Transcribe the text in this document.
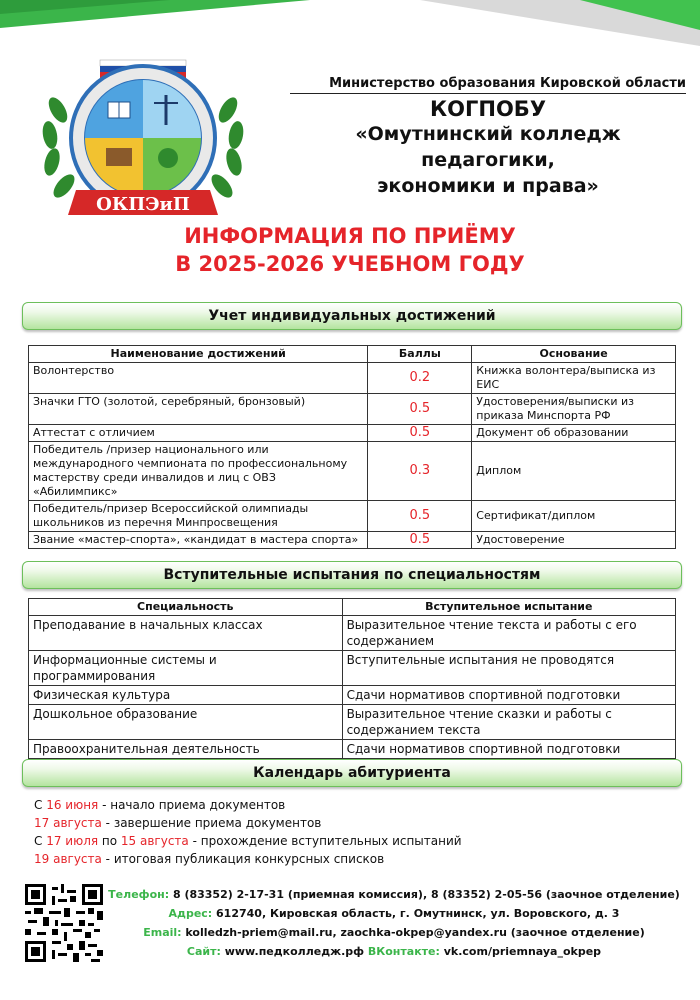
ОКПЭиП
Министерство образования Кировской области
КОГПОБУ
«Омутнинский колледж педагогики,
экономики и права»
ИНФОРМАЦИЯ ПО ПРИЁМУ
В 2025-2026 УЧЕБНОМ ГОДУ
Учет индивидуальных достижений
Наименование достижений	Баллы	Основание
Волонтерство	0.2	Книжка волонтера/выписка из ЕИС
Значки ГТО (золотой, серебряный, бронзовый)	0.5	Удостоверения/выписки из приказа Минспорта РФ
Аттестат с отличием	0.5	Документ об образовании
Победитель /призер национального или международного чемпионата по профессиональному мастерству среди инвалидов и лиц с ОВЗ «Абилимпикс»	0.3	Диплом
Победитель/призер Всероссийской олимпиады школьников из перечня Минпросвещения	0.5	Сертификат/диплом
Звание «мастер-спорта», «кандидат в мастера спорта»	0.5	Удостоверение
Вступительные испытания по специальностям
Специальность	Вступительное испытание
Преподавание в начальных классах	Выразительное чтение текста и работы с его содержанием
Информационные системы и программирования	Вступительные испытания не проводятся
Физическая культура	Сдачи нормативов спортивной подготовки
Дошкольное образование	Выразительное чтение сказки и работы с содержанием текста
Правоохранительная деятельность	Сдачи нормативов спортивной подготовки
Календарь абитуриента
С 16 июня - начало приема документов
17 августа - завершение приема документов
С 17 июля по 15 августа - прохождение вступительных испытаний
19 августа - итоговая публикация конкурсных списков
Телефон: 8 (83352) 2-17-31 (приемная комиссия), 8 (83352) 2-05-56 (заочное отделение)
Адрес: 612740, Кировская область, г. Омутнинск, ул. Воровского, д. 3
Email: kolledzh-priem@mail.ru, zaochka-okpep@yandex.ru (заочное отделение)
Сайт: www.педколледж.рф ВКонтакте: vk.com/priemnaya_okpep
